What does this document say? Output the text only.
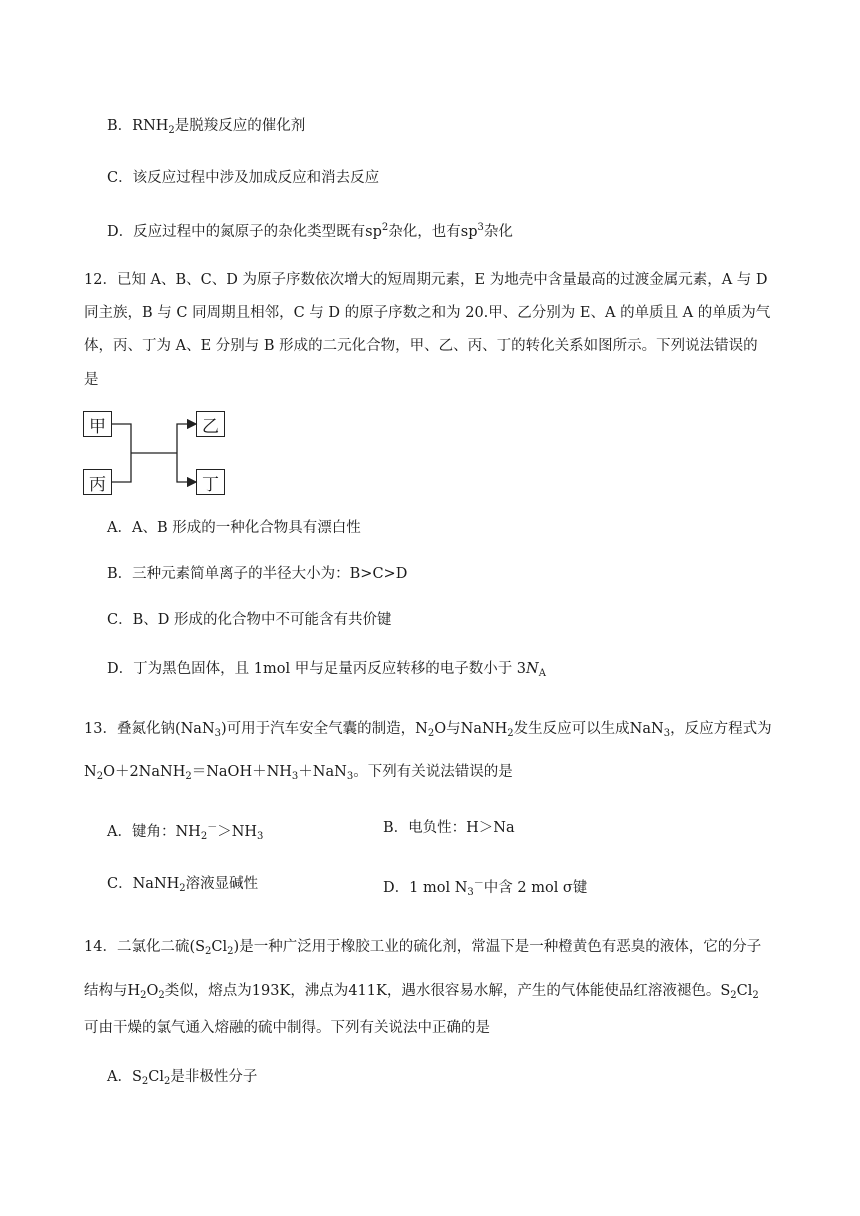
B．$RNH_2$是脱羧反应的催化剂
C．该反应过程中涉及加成反应和消去反应
D．反应过程中的氮原子的杂化类型既有$sp^2$杂化，也有$sp^3$杂化
12．已知 A、B、C、D 为原子序数依次增大的短周期元素，E 为地壳中含量最高的过渡金属元素，A 与 D
同主族，B 与 C 同周期且相邻，C 与 D 的原子序数之和为 20.甲、乙分别为 E、A 的单质且 A 的单质为气
体，丙、丁为 A、E 分别与 B 形成的二元化合物，甲、乙、丙、丁的转化关系如图所示。下列说法错误的
是
甲
丙
乙
丁
A．A、B 形成的一种化合物具有漂白性
B．三种元素简单离子的半径大小为：B>C>D
C．B、D 形成的化合物中不可能含有共价键
D．丁为黑色固体，且 1mol 甲与足量丙反应转移的电子数小于 $3N_A$
13．叠氮化钠(NaN$_3$)可用于汽车安全气囊的制造，$N_2O$与NaNH$_2$发生反应可以生成NaN$_3$，反应方程式为
$N_2O+2NaNH_2=NaOH+NH_3+NaN_3$。下列有关说法错误的是
A．键角：$NH_2^->NH_3$
B．电负性：H＞Na
C．NaNH$_2$溶液显碱性	D．1 mol $N_3^-$中含 2 mol σ键
14．二氯化二硫$(S_2Cl_2)$是一种广泛用于橡胶工业的硫化剂，常温下是一种橙黄色有恶臭的液体，它的分子
结构与$H_2O_2$类似，熔点为193K，沸点为411K，遇水很容易水解，产生的气体能使品红溶液褪色。$S_2Cl_2$
可由干燥的氯气通入熔融的硫中制得。下列有关说法中正确的是
A．$S_2Cl_2$是非极性分子
